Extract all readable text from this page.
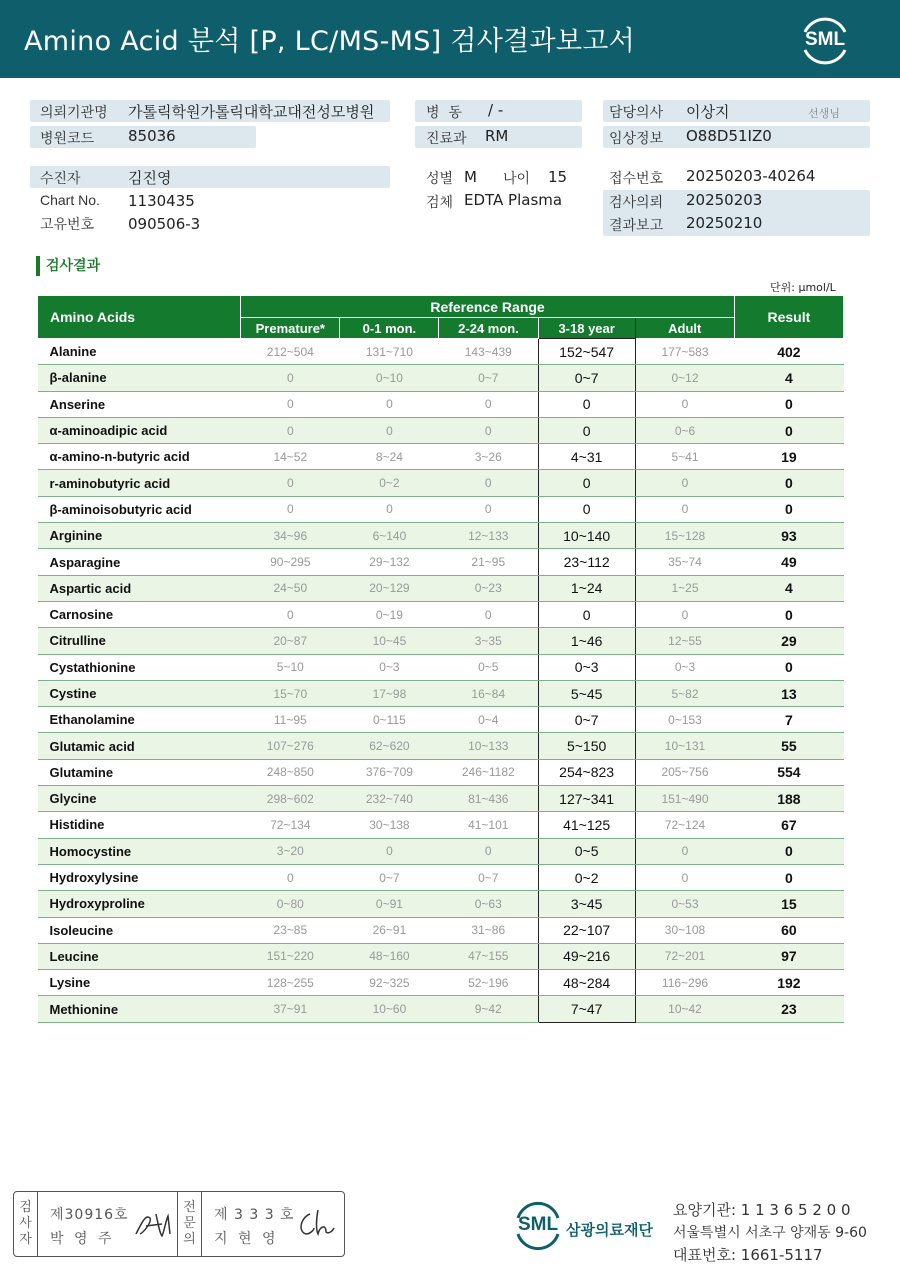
Amino Acid 분석 [P, LC/MS-MS] 검사결과보고서	SML
의뢰기관명 가톨릭학원가톨릭대학교대전성모병원
병원코드 85036
병  동 / -
진료과 RM
담당의사 이상지	선생님
임상정보 O88D51IZ0
수진자	김진영
Chart No. 1130435
고유번호 090506-3
성별 M 나이 15
검체 EDTA Plasma
접수번호 20250203-40264
검사의뢰 20250203
결과보고 20250210
검사결과
단위: μmol/L
Amino Acids	Reference Range					Result
	Premature*	0-1 mon.	2-24 mon.	3-18 year	Adult	
Alanine	212~504	131~710	143~439	152~547	177~583	402
β-alanine	0	0~10	0~7	0~7	0~12	4
Anserine	0	0	0	0	0	0
α-aminoadipic acid	0	0	0	0	0~6	0
α-amino-n-butyric acid	14~52	8~24	3~26	4~31	5~41	19
r-aminobutyric acid	0	0~2	0	0	0	0
β-aminoisobutyric acid	0	0	0	0	0	0
Arginine	34~96	6~140	12~133	10~140	15~128	93
Asparagine	90~295	29~132	21~95	23~112	35~74	49
Aspartic acid	24~50	20~129	0~23	1~24	1~25	4
Carnosine	0	0~19	0	0	0	0
Citrulline	20~87	10~45	3~35	1~46	12~55	29
Cystathionine	5~10	0~3	0~5	0~3	0~3	0
Cystine	15~70	17~98	16~84	5~45	5~82	13
Ethanolamine	11~95	0~115	0~4	0~7	0~153	7
Glutamic acid	107~276	62~620	10~133	5~150	10~131	55
Glutamine	248~850	376~709	246~1182	254~823	205~756	554
Glycine	298~602	232~740	81~436	127~341	151~490	188
Histidine	72~134	30~138	41~101	41~125	72~124	67
Homocystine	3~20	0	0	0~5	0	0
Hydroxylysine	0	0~7	0~7	0~2	0	0
Hydroxyproline	0~80	0~91	0~63	3~45	0~53	15
Isoleucine	23~85	26~91	31~86	22~107	30~108	60
Leucine	151~220	48~160	47~155	49~216	72~201	97
Lysine	128~255	92~325	52~196	48~284	116~296	192
Methionine	37~91	10~60	9~42	7~47	10~42	23
검
사
자
제30916호
박 영 주
전
문
의
제 3 3 3 호
지 현 영
SML 삼광의료재단
요양기관: 1 1 3 6 5 2 0 0
서울특별시 서초구 양재동 9-60
대표번호: 1661-5117
